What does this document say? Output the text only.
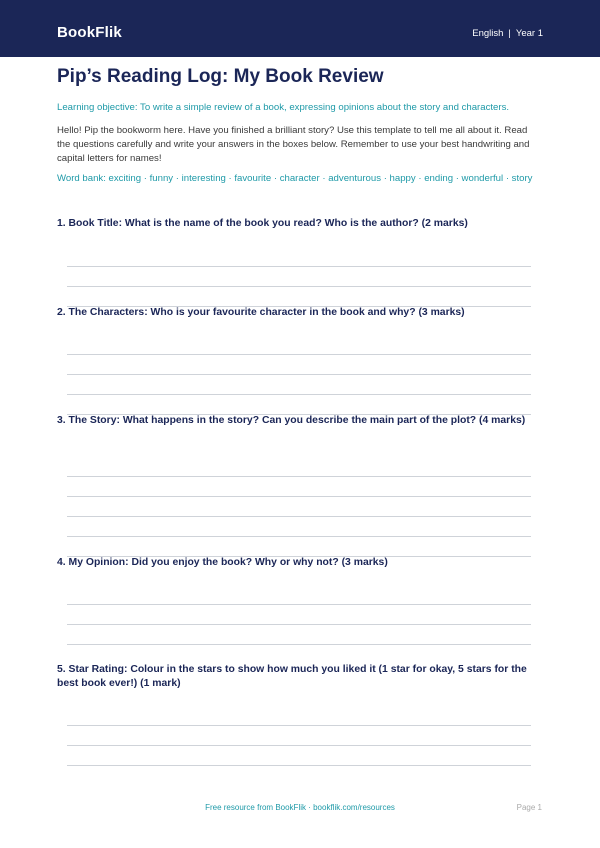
BookFlik	English | Year 1
Pip’s Reading Log: My Book Review
Learning objective: To write a simple review of a book, expressing opinions about the story and characters.
Hello! Pip the bookworm here. Have you finished a brilliant story? Use this template to tell me all about it. Read the questions carefully and write your answers in the boxes below. Remember to use your best handwriting and capital letters for names!
Word bank: exciting · funny · interesting · favourite · character · adventurous · happy · ending · wonderful · story
1. Book Title: What is the name of the book you read? Who is the author? (2 marks)
2. The Characters: Who is your favourite character in the book and why? (3 marks)
3. The Story: What happens in the story? Can you describe the main part of the plot? (4 marks)
4. My Opinion: Did you enjoy the book? Why or why not? (3 marks)
5. Star Rating: Colour in the stars to show how much you liked it (1 star for okay, 5 stars for the best book ever!) (1 mark)
Free resource from BookFlik · bookflik.com/resources	Page 1
